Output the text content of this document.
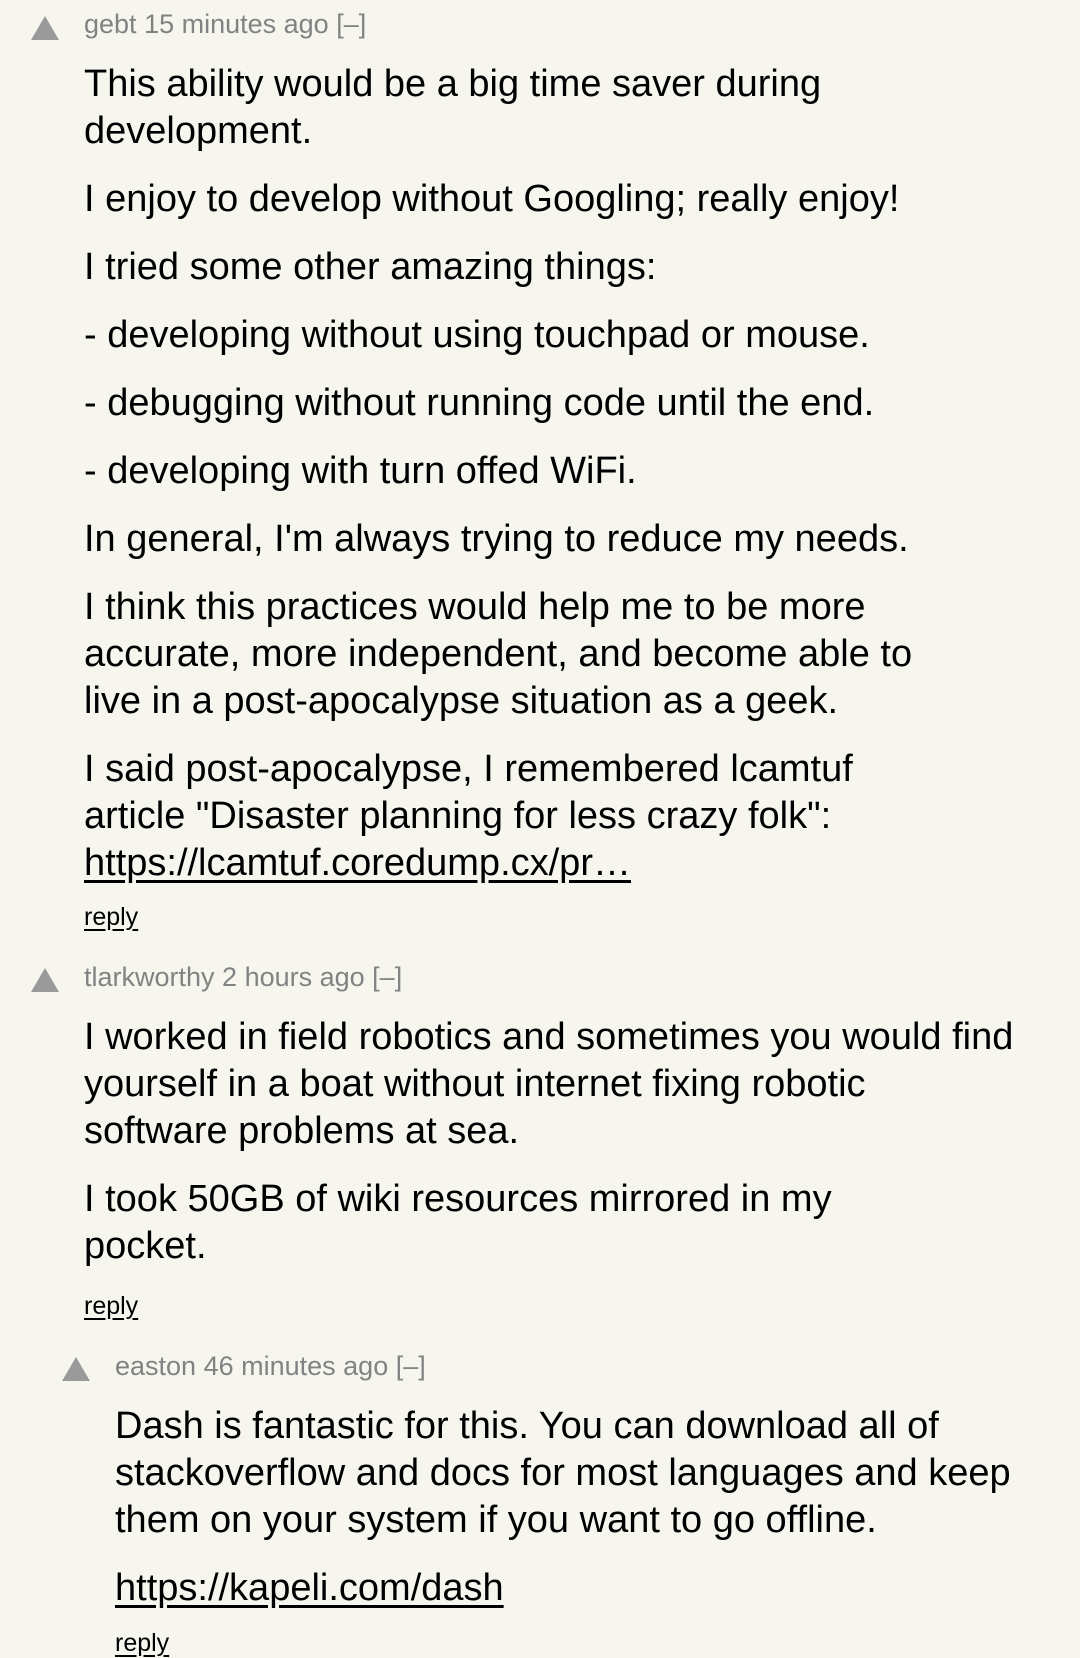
gebt 15 minutes ago [–]

This ability would be a big time saver during development.

I enjoy to develop without Googling; really enjoy!

I tried some other amazing things:

- developing without using touchpad or mouse.

- debugging without running code until the end.

- developing with turn offed WiFi.

In general, I'm always trying to reduce my needs.

I think this practices would help me to be more accurate, more independent, and become able to live in a post-apocalypse situation as a geek.

I said post-apocalypse, I remembered lcamtuf article "Disaster planning for less crazy folk":
https://lcamtuf.coredump.cx/pr…

reply
tlarkworthy 2 hours ago [–]

I worked in field robotics and sometimes you would find yourself in a boat without internet fixing robotic software problems at sea.

I took 50GB of wiki resources mirrored in my pocket.

reply
easton 46 minutes ago [–]

Dash is fantastic for this. You can download all of stackoverflow and docs for most languages and keep them on your system if you want to go offline.

https://kapeli.com/dash

reply
